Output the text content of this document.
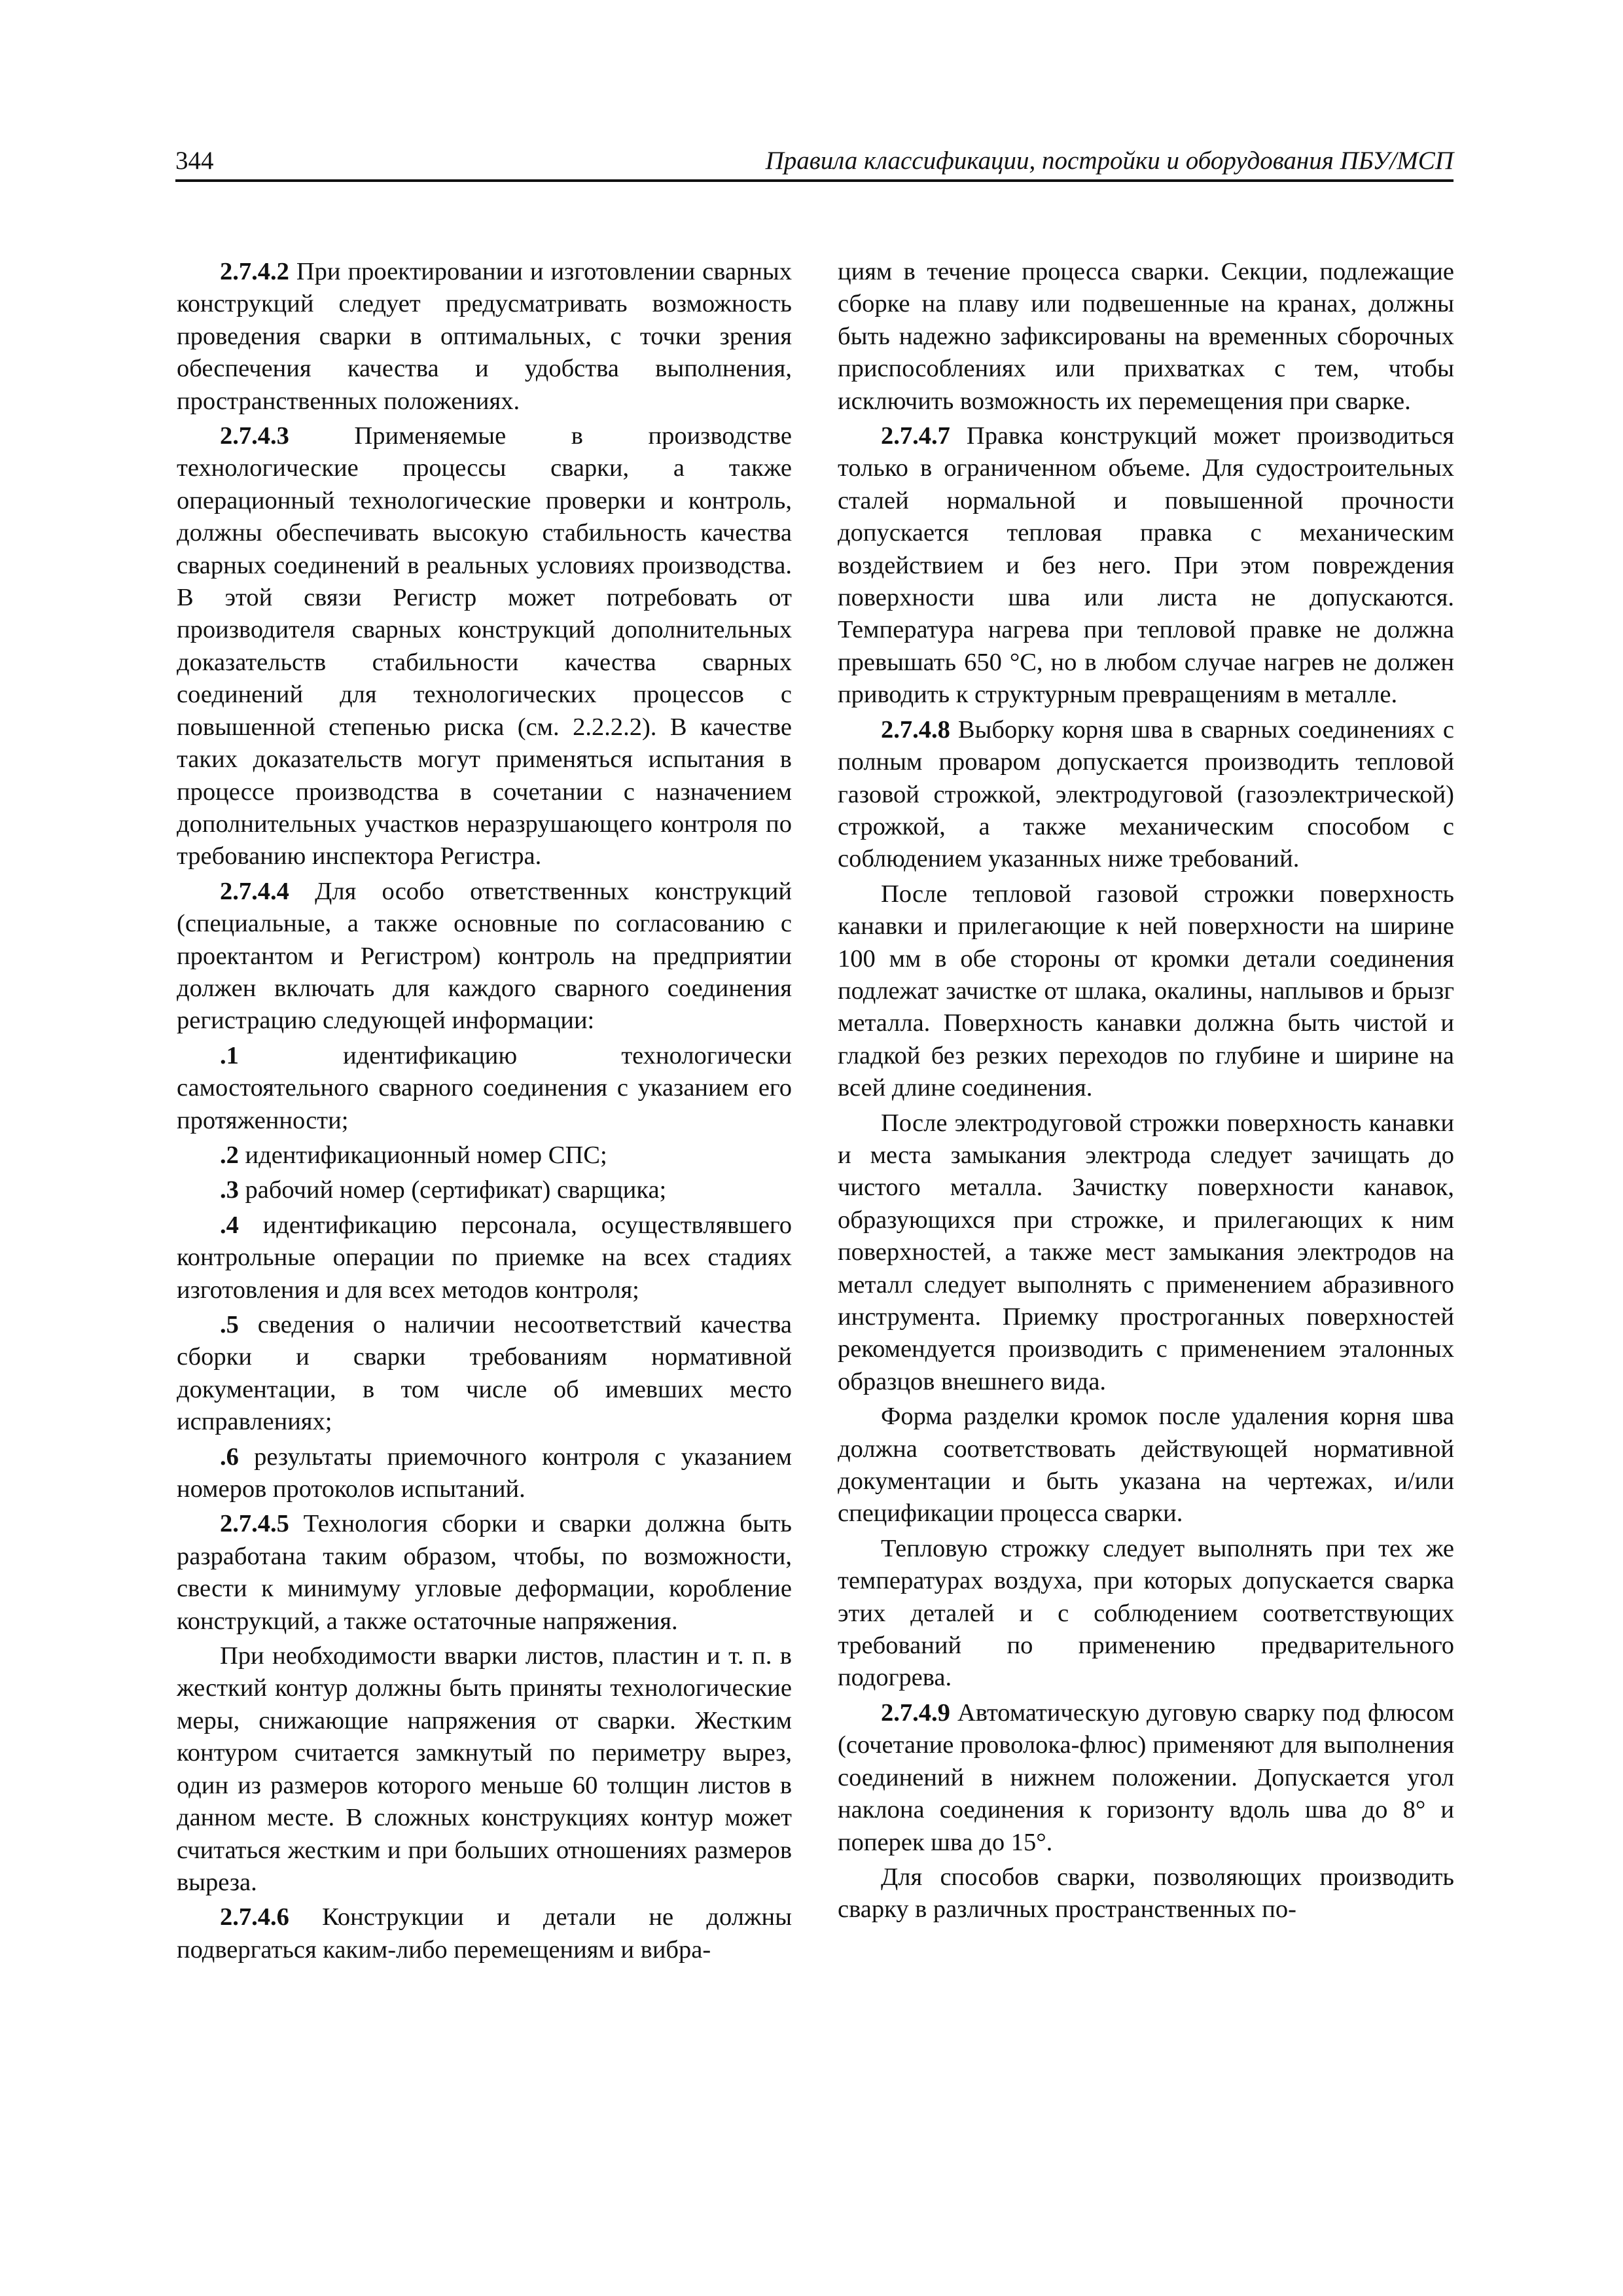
344	Правила классификации, постройки и оборудования ПБУ/МСП

2.7.4.2 При проектировании и изготовлении сварных конструкций следует предусматривать возможность проведения сварки в оптимальных, с точки зрения обеспечения качества и удобства выполнения, пространственных положениях.

2.7.4.3 Применяемые в производстве технологические процессы сварки, а также операционный технологические проверки и контроль, должны обеспечивать высокую стабильность качества сварных соединений в реальных условиях производства. В этой связи Регистр может потребовать от производителя сварных конструкций дополнительных доказательств стабильности качества сварных соединений для технологических процессов с повышенной степенью риска (см. 2.2.2.2). В качестве таких доказательств могут применяться испытания в процессе производства в сочетании с назначением дополнительных участков неразрушающего контроля по требованию инспектора Регистра.

2.7.4.4 Для особо ответственных конструкций (специальные, а также основные по согласованию с проектантом и Регистром) контроль на предприятии должен включать для каждого сварного соединения регистрацию следующей информации:

.1 идентификацию технологически самостоятельного сварного соединения с указанием его протяженности;

.2 идентификационный номер СПС;

.3 рабочий номер (сертификат) сварщика;

.4 идентификацию персонала, осуществлявшего контрольные операции по приемке на всех стадиях изготовления и для всех методов контроля;

.5 сведения о наличии несоответствий качества сборки и сварки требованиям нормативной документации, в том числе об имевших место исправлениях;

.6 результаты приемочного контроля с указанием номеров протоколов испытаний.

2.7.4.5 Технология сборки и сварки должна быть разработана таким образом, чтобы, по возможности, свести к минимуму угловые деформации, коробление конструкций, а также остаточные напряжения.

При необходимости вварки листов, пластин и т. п. в жесткий контур должны быть приняты технологические меры, снижающие напряжения от сварки. Жестким контуром считается замкнутый по периметру вырез, один из размеров которого меньше 60 толщин листов в данном месте. В сложных конструкциях контур может считаться жестким и при больших отношениях размеров выреза.

2.7.4.6 Конструкции и детали не должны подвергаться каким-либо перемещениям и вибра-

циям в течение процесса сварки. Секции, подлежащие сборке на плаву или подвешенные на кранах, должны быть надежно зафиксированы на временных сборочных приспособлениях или прихватках с тем, чтобы исключить возможность их перемещения при сварке.

2.7.4.7 Правка конструкций может производиться только в ограниченном объеме. Для судостроительных сталей нормальной и повышенной прочности допускается тепловая правка с механическим воздействием и без него. При этом повреждения поверхности шва или листа не допускаются. Температура нагрева при тепловой правке не должна превышать 650 °С, но в любом случае нагрев не должен приводить к структурным превращениям в металле.

2.7.4.8 Выборку корня шва в сварных соединениях с полным проваром допускается производить тепловой газовой строжкой, электродуговой (газоэлектрической) строжкой, а также механическим способом с соблюдением указанных ниже требований.

После тепловой газовой строжки поверхность канавки и прилегающие к ней поверхности на ширине 100 мм в обе стороны от кромки детали соединения подлежат зачистке от шлака, окалины, наплывов и брызг металла. Поверхность канавки должна быть чистой и гладкой без резких переходов по глубине и ширине на всей длине соединения.

После электродуговой строжки поверхность канавки и места замыкания электрода следует зачищать до чистого металла. Зачистку поверхности канавок, образующихся при строжке, и прилегающих к ним поверхностей, а также мест замыкания электродов на металл следует выполнять с применением абразивного инструмента. Приемку прострoганных поверхностей рекомендуется производить с применением эталонных образцов внешнего вида.

Форма разделки кромок после удаления корня шва должна соответствовать действующей нормативной документации и быть указана на чертежах, и/или спецификации процесса сварки.

Тепловую строжку следует выполнять при тех же температурах воздуха, при которых допускается сварка этих деталей и с соблюдением соответствующих требований по применению предварительного подогрева.

2.7.4.9 Автоматическую дуговую сварку под флюсом (сочетание проволока-флюс) применяют для выполнения соединений в нижнем положении. Допускается угол наклона соединения к горизонту вдоль шва до 8° и поперек шва до 15°.

Для способов сварки, позволяющих производить сварку в различных пространственных по-
